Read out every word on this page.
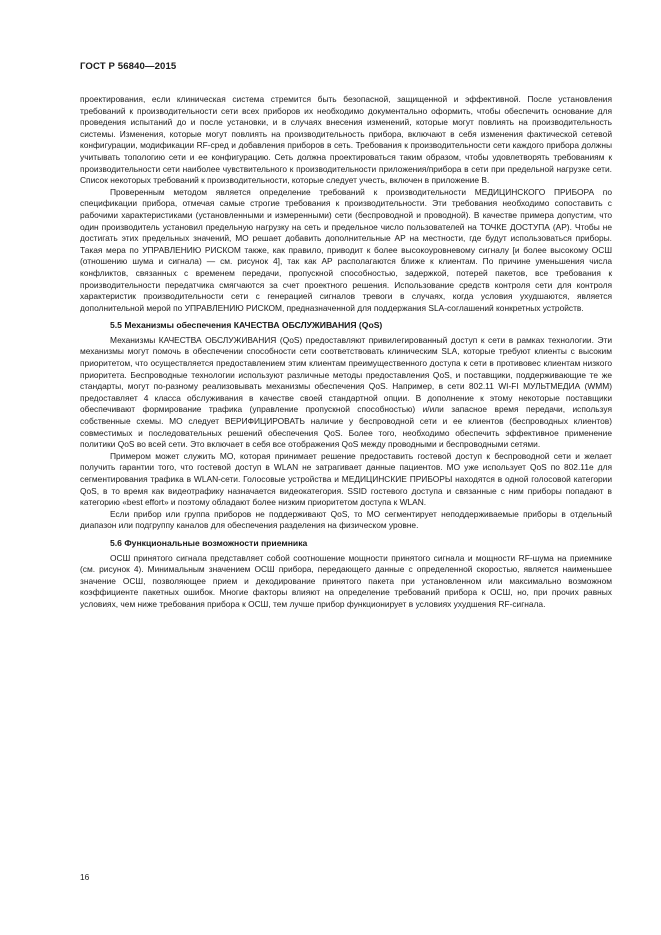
ГОСТ Р 56840—2015

проектирования, если клиническая система стремится быть безопасной, защищенной и эффективной. После установления требований к производительности сети всех приборов их необходимо документально оформить, чтобы обеспечить основание для проведения испытаний до и после установки, и в случаях внесения изменений, которые могут повлиять на производительность системы. Изменения, которые могут повлиять на производительность прибора, включают в себя изменения фактической сетевой конфигурации, модификации RF-сред и добавления приборов в сеть. Требования к производительности сети каждого прибора должны учитывать топологию сети и ее конфигурацию. Сеть должна проектироваться таким образом, чтобы удовлетворять требованиям к производительности сети наиболее чувствительного к производительности приложения/прибора в сети при предельной нагрузке сети. Список некоторых требований к производительности, которые следует учесть, включен в приложение В.

Проверенным методом является определение требований к производительности МЕДИЦИНСКОГО ПРИБОРА по спецификации прибора, отмечая самые строгие требования к производительности. Эти требования необходимо сопоставить с рабочими характеристиками (установленными и измеренными) сети (беспроводной и проводной). В качестве примера допустим, что один производитель установил предельную нагрузку на сеть и предельное число пользователей на ТОЧКЕ ДОСТУПА (АР). Чтобы не достигать этих предельных значений, МО решает добавить дополнительные АР на местности, где будут использоваться приборы. Такая мера по УПРАВЛЕНИЮ РИСКОМ также, как правило, приводит к более высокоуровневому сигналу [и более высокому ОСШ (отношению шума и сигнала) — см. рисунок 4], так как АР располагаются ближе к клиентам. По причине уменьшения числа конфликтов, связанных с временем передачи, пропускной способностью, задержкой, потерей пакетов, все требования к производительности передатчика смягчаются за счет проектного решения. Использование средств контроля сети для контроля характеристик производительности сети с генерацией сигналов тревоги в случаях, когда условия ухудшаются, является дополнительной мерой по УПРАВЛЕНИЮ РИСКОМ, предназначенной для поддержания SLA-соглашений конкретных устройств.

5.5 Механизмы обеспечения КАЧЕСТВА ОБСЛУЖИВАНИЯ (QoS)

Механизмы КАЧЕСТВА ОБСЛУЖИВАНИЯ (QoS) предоставляют привилегированный доступ к сети в рамках технологии. Эти механизмы могут помочь в обеспечении способности сети соответствовать клиническим SLA, которые требуют клиенты с высоким приоритетом, что осуществляется предоставлением этим клиентам преимущественного доступа к сети в противовес клиентам низкого приоритета. Беспроводные технологии используют различные методы предоставления QoS, и поставщики, поддерживающие те же стандарты, могут по-разному реализовывать механизмы обеспечения QoS. Например, в сети 802.11 WI-FI МУЛЬТМЕДИА (WMM) предоставляет 4 класса обслуживания в качестве своей стандартной опции. В дополнение к этому некоторые поставщики обеспечивают формирование трафика (управление пропускной способностью) и/или запасное время передачи, используя собственные схемы. МО следует ВЕРИФИЦИРОВАТЬ наличие у беспроводной сети и ее клиентов (беспроводных клиентов) совместимых и последовательных решений обеспечения QoS. Более того, необходимо обеспечить эффективное применение политики QoS во всей сети. Это включает в себя все отображения QoS между проводными и беспроводными сетями.

Примером может служить МО, которая принимает решение предоставить гостевой доступ к беспроводной сети и желает получить гарантии того, что гостевой доступ в WLAN не затрагивает данные пациентов. МО уже использует QoS по 802.11е для сегментирования трафика в WLAN-сети. Голосовые устройства и МЕДИЦИНСКИЕ ПРИБОРЫ находятся в одной голосовой категории QoS, в то время как видеотрафику назначается видеокатегория. SSID гостевого доступа и связанные с ним приборы попадают в категорию «best effort» и поэтому обладают более низким приоритетом доступа к WLAN.

Если прибор или группа приборов не поддерживают QoS, то МО сегментирует неподдерживаемые приборы в отдельный диапазон или подгруппу каналов для обеспечения разделения на физическом уровне.

5.6 Функциональные возможности приемника

ОСШ принятого сигнала представляет собой соотношение мощности принятого сигнала и мощности RF-шума на приемнике (см. рисунок 4). Минимальным значением ОСШ прибора, передающего данные с определенной скоростью, является наименьшее значение ОСШ, позволяющее прием и декодирование принятого пакета при установленном или максимально возможном коэффициенте пакетных ошибок. Многие факторы влияют на определение требований прибора к ОСШ, но, при прочих равных условиях, чем ниже требования прибора к ОСШ, тем лучше прибор функционирует в условиях ухудшения RF-сигнала.

16
